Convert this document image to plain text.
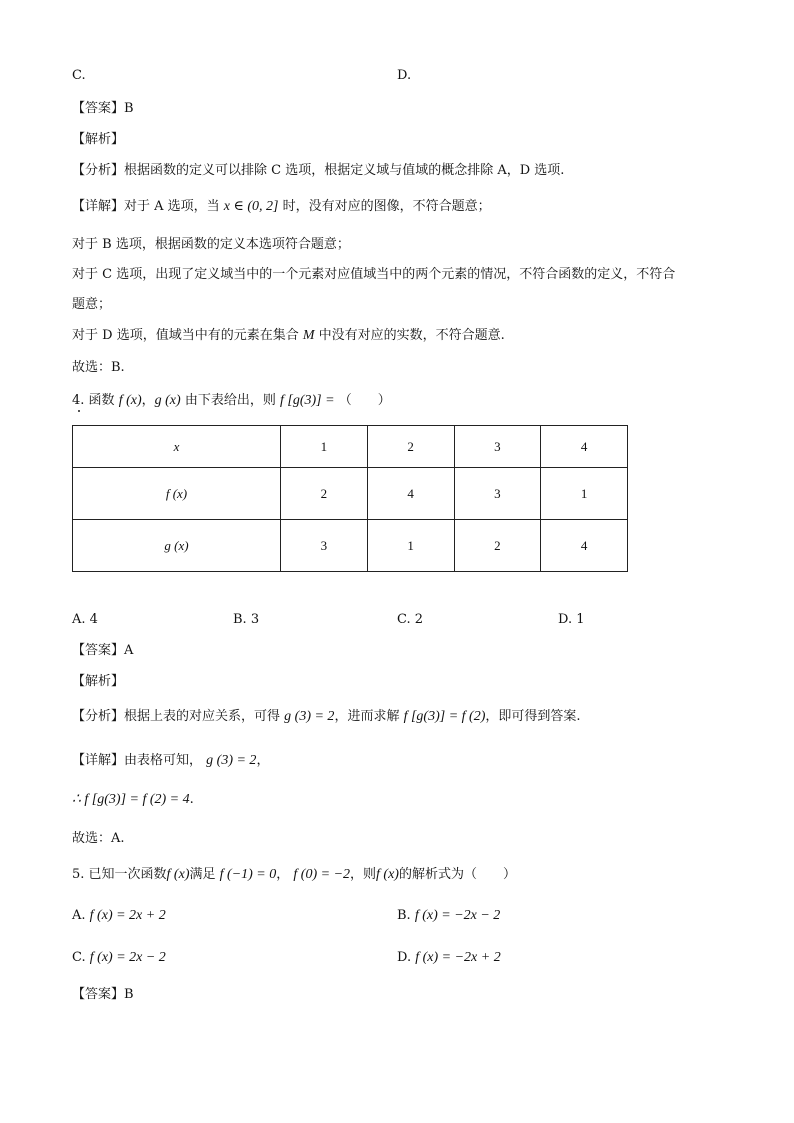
C.	D.
【答案】B
【解析】
【分析】根据函数的定义可以排除 C 选项，根据定义域与值域的概念排除 A，D 选项.
【详解】对于 A 选项，当 x ∈ (0, 2] 时，没有对应的图像，不符合题意；
对于 B 选项，根据函数的定义本选项符合题意；
对于 C 选项，出现了定义域当中的一个元素对应值域当中的两个元素的情况，不符合函数的定义，不符合
题意；
对于 D 选项，值域当中有的元素在集合 M 中没有对应的实数，不符合题意.
故选：B.
4. 函数 f (x)，g (x) 由下表给出，则 f [g(3)] = （　　）
x	1	2	3	4
f (x)	2	4	3	1
g (x)	3	1	2	4
A. 4	B. 3	C. 2	D. 1
【答案】A
【解析】
【分析】根据上表的对应关系，可得 g (3) = 2，进而求解 f [g(3)] = f (2)，即可得到答案.
【详解】由表格可知， g (3) = 2，
∴ f [g(3)] = f (2) = 4.
故选：A.
5. 已知一次函数f (x)满足 f (−1) = 0， f (0) = −2，则f (x)的解析式为（　　）
A. f (x) = 2x + 2	B. f (x) = −2x − 2
C. f (x) = 2x − 2	D. f (x) = −2x + 2
【答案】B
